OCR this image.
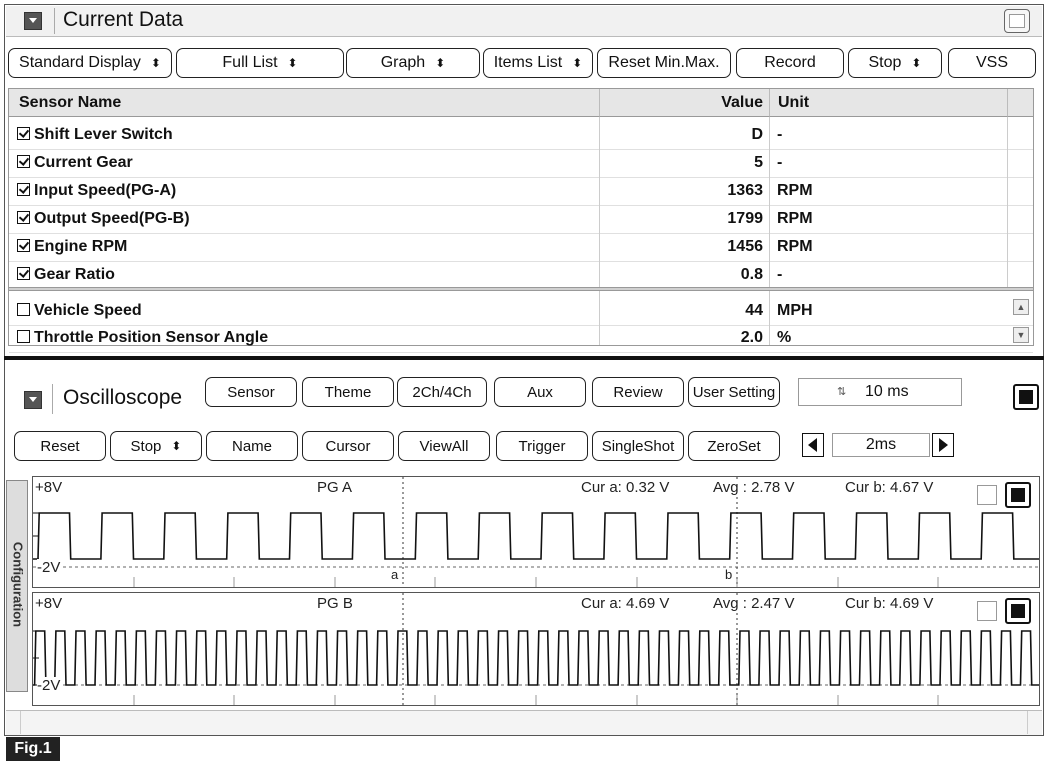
Current Data
Standard Display ⬍	Full List ⬍	Graph ⬍	Items List ⬍ Reset Min.Max.	Record	Stop ⬍	VSS
Sensor Name	Value Unit
Shift Lever Switch	D -
Current Gear	5 -
Input Speed(PG-A)	1363 RPM
Output Speed(PG-B)	1799 RPM
Engine RPM	1456 RPM
Gear Ratio	0.8 -
Vehicle Speed	44 MPH
Throttle Position Sensor Angle	2.0 %
▲
▼
Oscilloscope	Sensor	Theme	2Ch/4Ch	Aux	Review User Setting	⇅ 10 ms
Reset	Stop ⬍	Name	Cursor	ViewAll	Trigger SingleShot ZeroSet	2ms
Configuration
+8V
-2V
PG A	Cur a: 0.32 V	Avg : 2.78 V	Cur b: 4.67 V
a	b
+8V
-2V
PG B	Cur a: 4.69 V	Avg : 2.47 V	Cur b: 4.69 V
Fig.1
